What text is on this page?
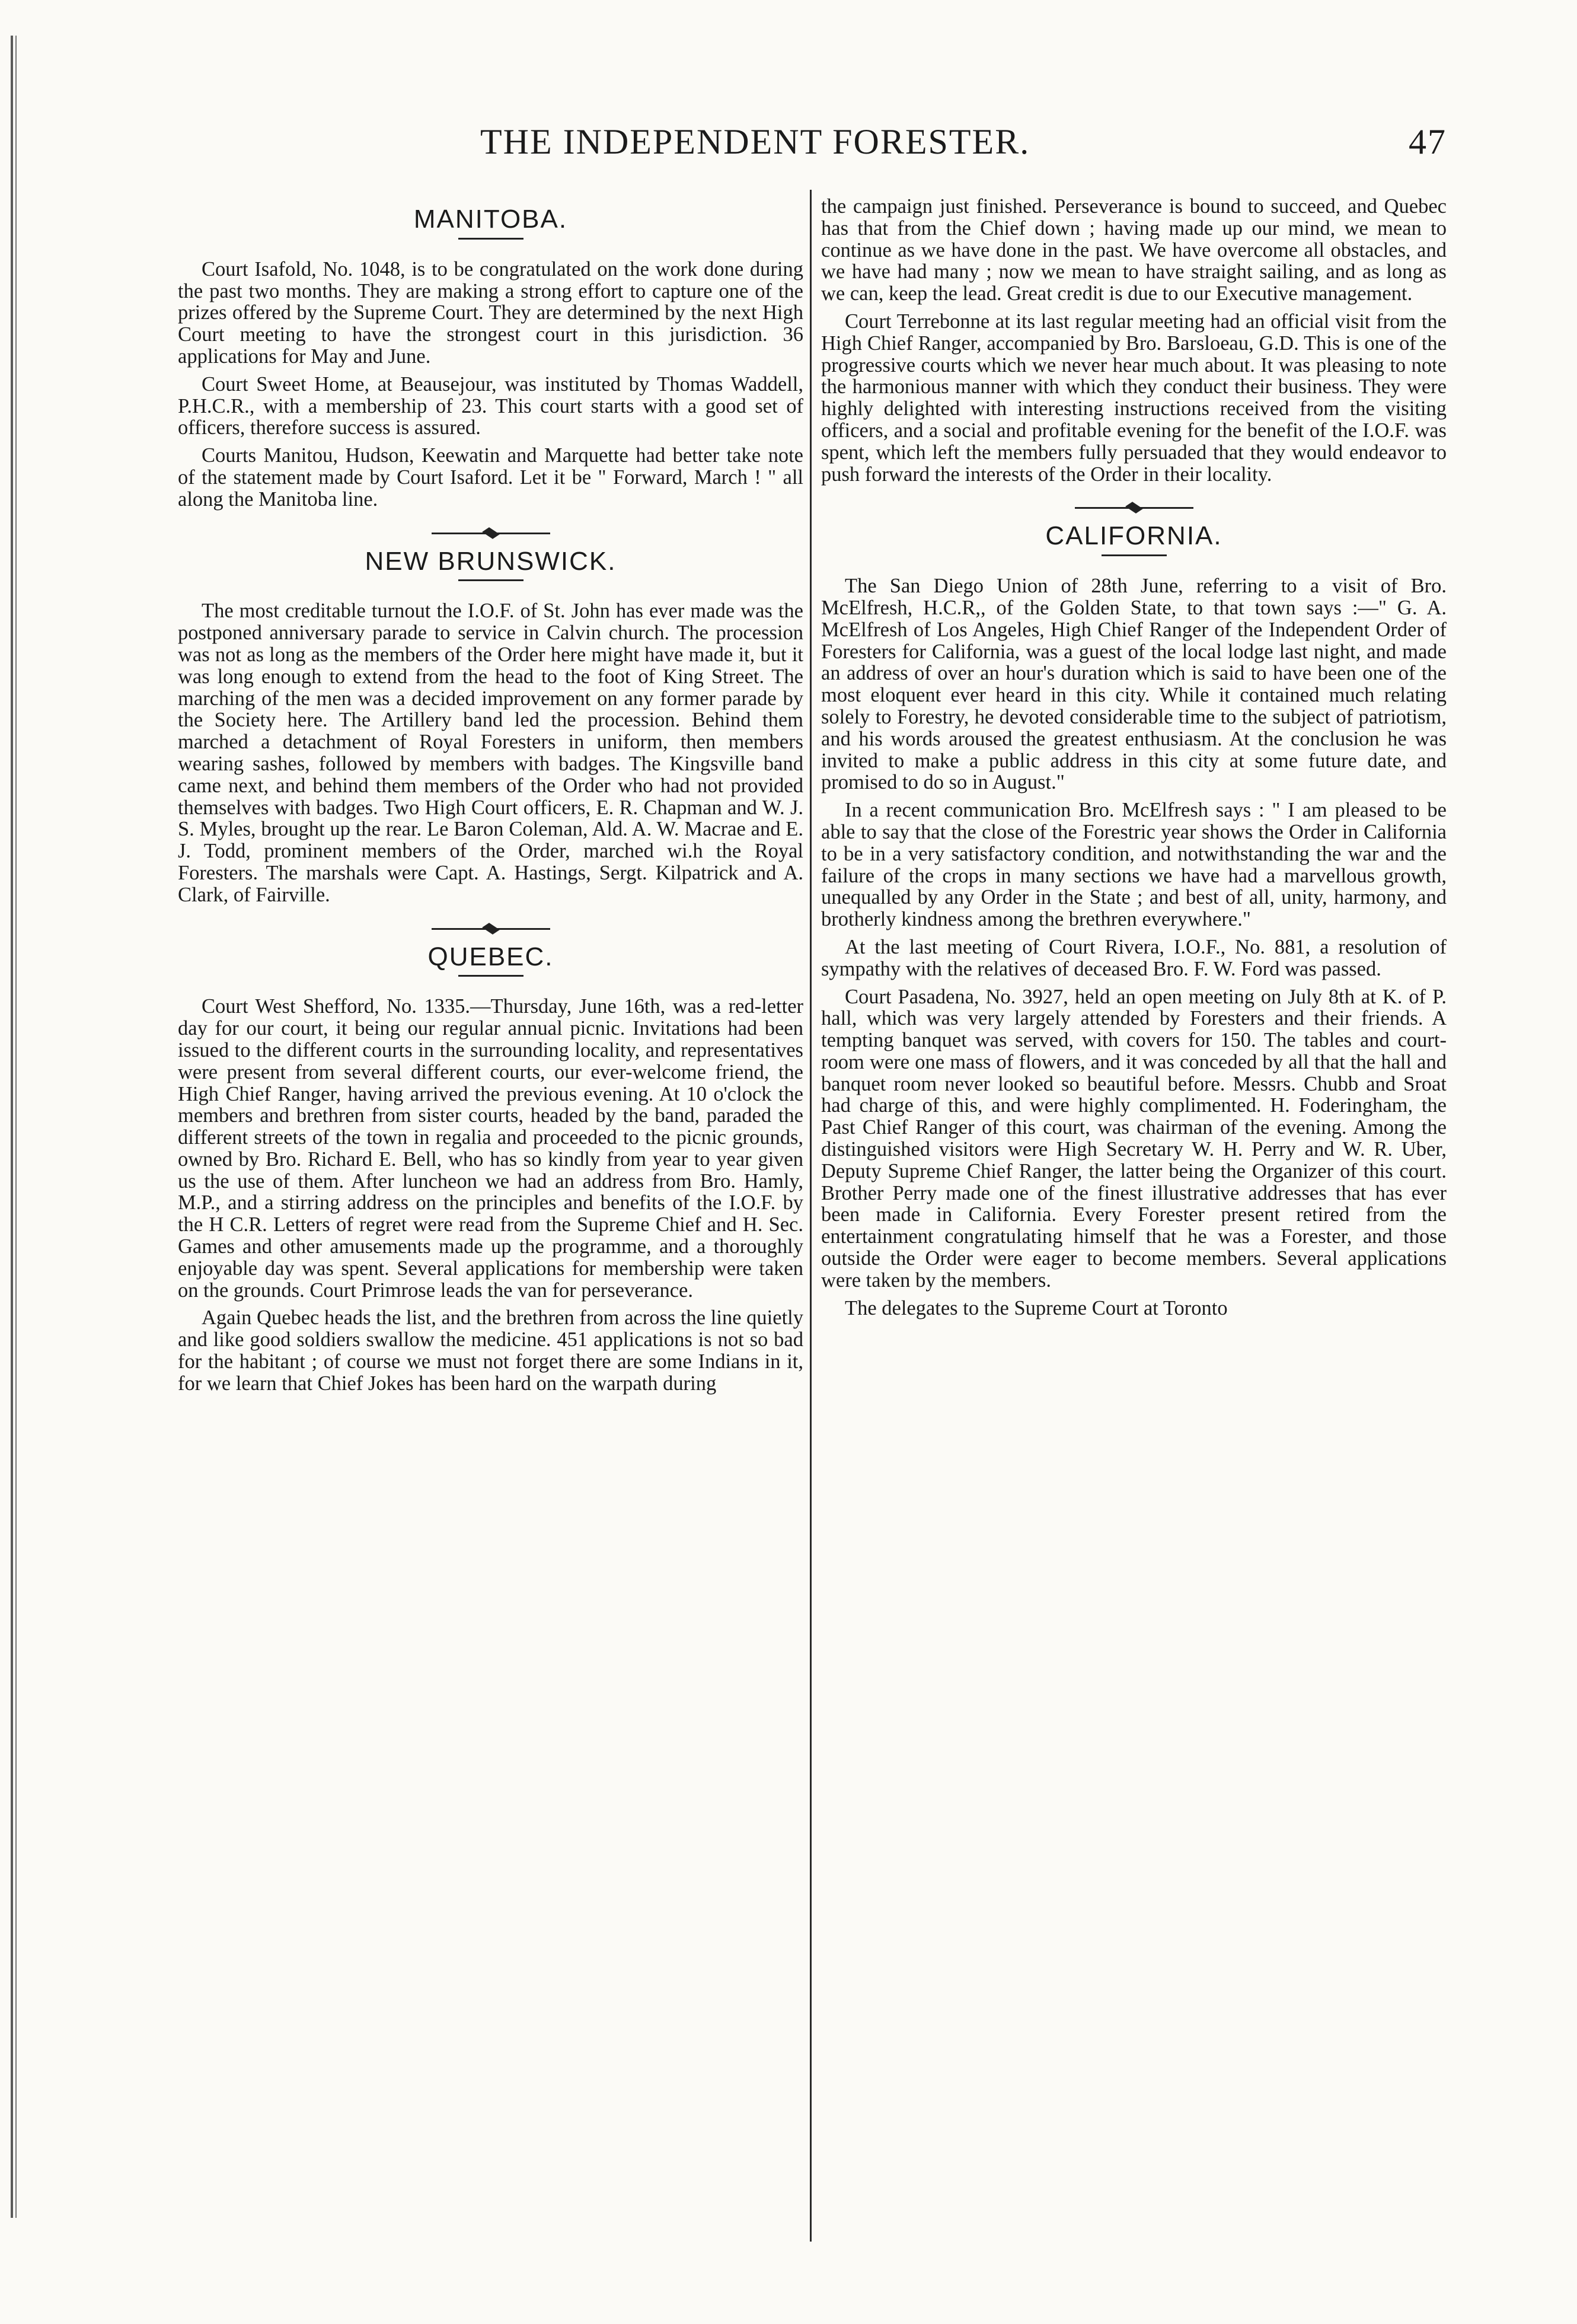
THE INDEPENDENT FORESTER.	47
MANITOBA.

Court Isafold, No. 1048, is to be congratulated on the work done during the past two months. They are making a strong effort to capture one of the prizes offered by the Supreme Court. They are determined by the next High Court meeting to have the strongest court in this jurisdiction. 36 applications for May and June.

Court Sweet Home, at Beausejour, was instituted by Thomas Waddell, P.H.C.R., with a membership of 23. This court starts with a good set of officers, therefore success is assured.

Courts Manitou, Hudson, Keewatin and Marquette had better take note of the statement made by Court Isaford. Let it be " Forward, March ! " all along the Manitoba line.

NEW BRUNSWICK.

The most creditable turnout the I.O.F. of St. John has ever made was the postponed anniversary parade to service in Calvin church. The procession was not as long as the members of the Order here might have made it, but it was long enough to extend from the head to the foot of King Street. The marching of the men was a decided improvement on any former parade by the Society here. The Artillery band led the procession. Behind them marched a detachment of Royal Foresters in uniform, then members wearing sashes, followed by members with badges. The Kingsville band came next, and behind them members of the Order who had not provided themselves with badges. Two High Court officers, E. R. Chapman and W. J. S. Myles, brought up the rear. Le Baron Coleman, Ald. A. W. Macrae and E. J. Todd, prominent members of the Order, marched wi.h the Royal Foresters. The marshals were Capt. A. Hastings, Sergt. Kilpatrick and A. Clark, of Fairville.

QUEBEC.

Court West Shefford, No. 1335.—Thursday, June 16th, was a red-letter day for our court, it being our regular annual picnic. Invitations had been issued to the different courts in the surrounding locality, and representatives were present from several different courts, our ever-welcome friend, the High Chief Ranger, having arrived the previous evening. At 10 o'clock the members and brethren from sister courts, headed by the band, paraded the different streets of the town in regalia and proceeded to the picnic grounds, owned by Bro. Richard E. Bell, who has so kindly from year to year given us the use of them. After luncheon we had an address from Bro. Hamly, M.P., and a stirring address on the principles and benefits of the I.O.F. by the H C.R. Letters of regret were read from the Supreme Chief and H. Sec. Games and other amusements made up the programme, and a thoroughly enjoyable day was spent. Several applications for membership were taken on the grounds. Court Primrose leads the van for perseverance.

Again Quebec heads the list, and the brethren from across the line quietly and like good soldiers swallow the medicine. 451 applications is not so bad for the habitant ; of course we must not forget there are some Indians in it, for we learn that Chief Jokes has been hard on the warpath during

the campaign just finished. Perseverance is bound to succeed, and Quebec has that from the Chief down ; having made up our mind, we mean to continue as we have done in the past. We have overcome all obstacles, and we have had many ; now we mean to have straight sailing, and as long as we can, keep the lead. Great credit is due to our Executive management.

Court Terrebonne at its last regular meeting had an official visit from the High Chief Ranger, accompanied by Bro. Barsloeau, G.D. This is one of the progressive courts which we never hear much about. It was pleasing to note the harmonious manner with which they conduct their business. They were highly delighted with interesting instructions received from the visiting officers, and a social and profitable evening for the benefit of the I.O.F. was spent, which left the members fully persuaded that they would endeavor to push forward the interests of the Order in their locality.

CALIFORNIA.

The San Diego Union of 28th June, referring to a visit of Bro. McElfresh, H.C.R,, of the Golden State, to that town says :—" G. A. McElfresh of Los Angeles, High Chief Ranger of the Independent Order of Foresters for California, was a guest of the local lodge last night, and made an address of over an hour's duration which is said to have been one of the most eloquent ever heard in this city. While it contained much relating solely to Forestry, he devoted considerable time to the subject of patriotism, and his words aroused the greatest enthusiasm. At the conclusion he was invited to make a public address in this city at some future date, and promised to do so in August."

In a recent communication Bro. McElfresh says : " I am pleased to be able to say that the close of the Forestric year shows the Order in California to be in a very satisfactory condition, and notwithstanding the war and the failure of the crops in many sections we have had a marvellous growth, unequalled by any Order in the State ; and best of all, unity, harmony, and brotherly kindness among the brethren everywhere."

At the last meeting of Court Rivera, I.O.F., No. 881, a resolution of sympathy with the relatives of deceased Bro. F. W. Ford was passed.

Court Pasadena, No. 3927, held an open meeting on July 8th at K. of P. hall, which was very largely attended by Foresters and their friends. A tempting banquet was served, with covers for 150. The tables and court-room were one mass of flowers, and it was conceded by all that the hall and banquet room never looked so beautiful before. Messrs. Chubb and Sroat had charge of this, and were highly complimented. H. Foderingham, the Past Chief Ranger of this court, was chairman of the evening. Among the distinguished visitors were High Secretary W. H. Perry and W. R. Uber, Deputy Supreme Chief Ranger, the latter being the Organizer of this court. Brother Perry made one of the finest illustrative addresses that has ever been made in California. Every Forester present retired from the entertainment congratulating himself that he was a Forester, and those outside the Order were eager to become members. Several applications were taken by the members.

The delegates to the Supreme Court at Toronto
